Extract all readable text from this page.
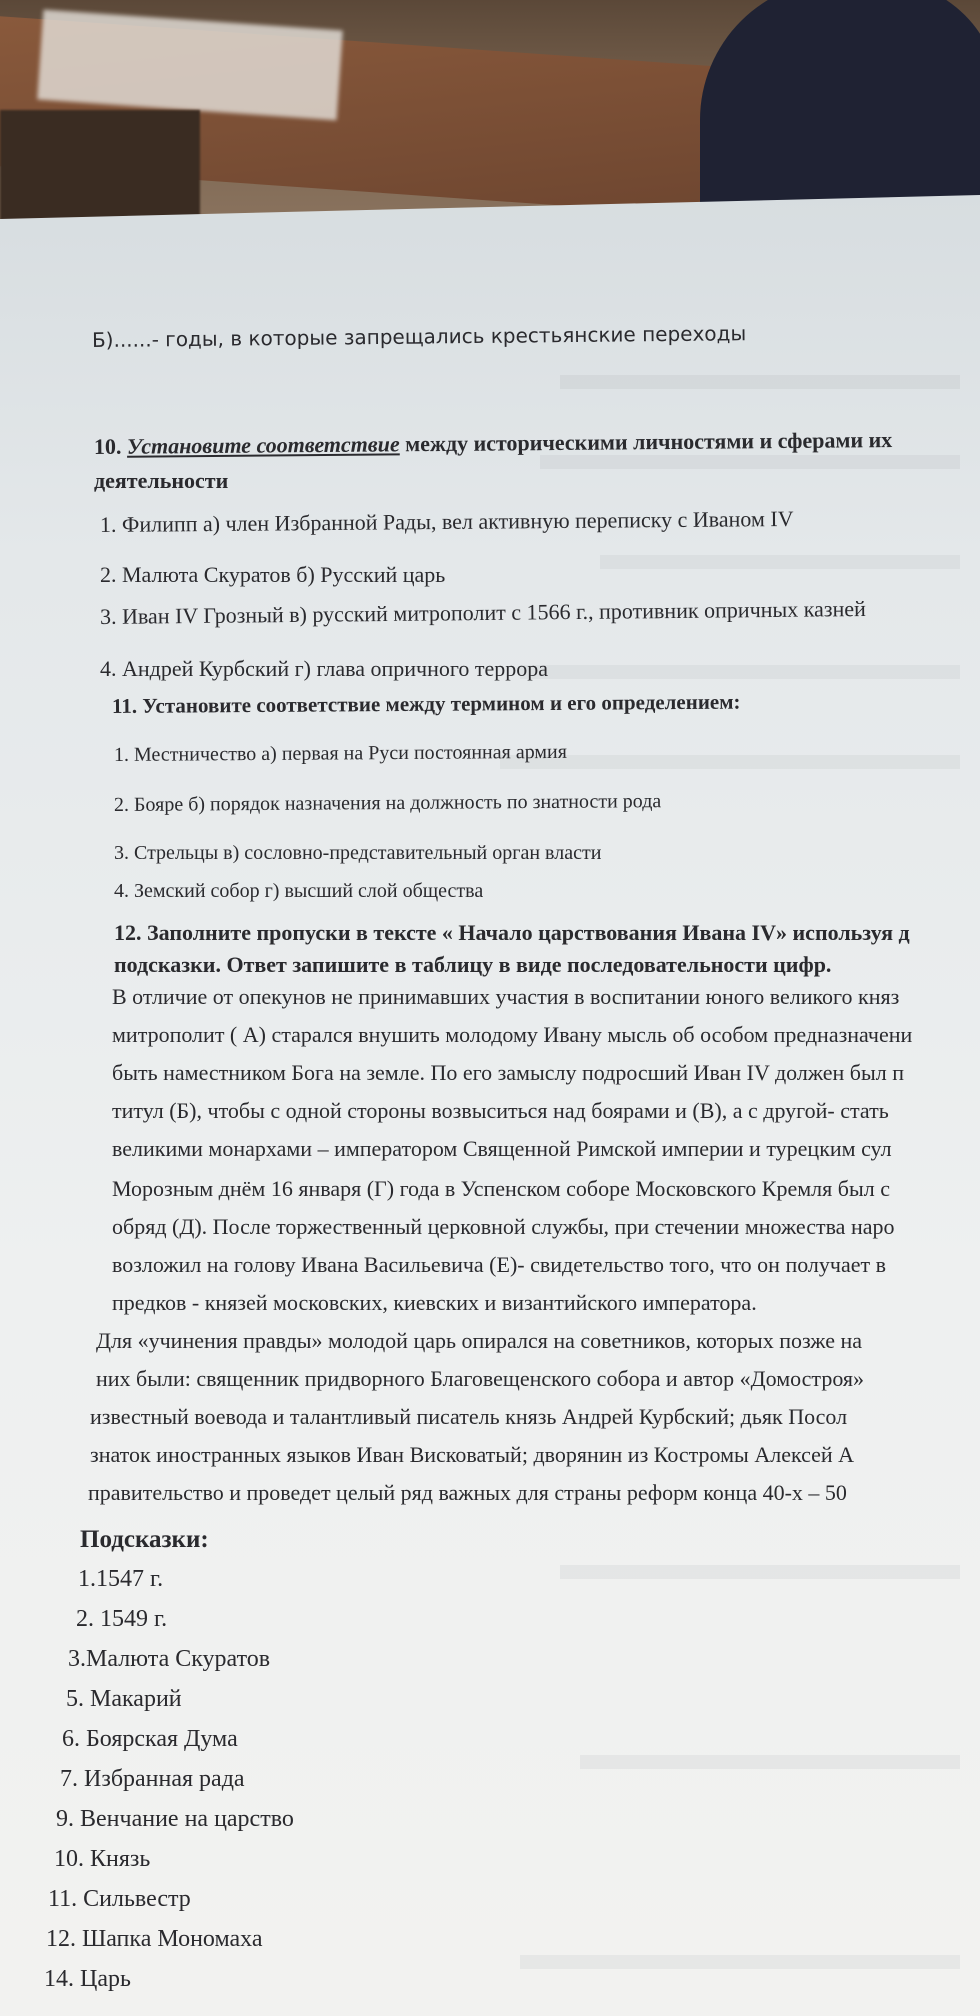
Б)......- годы, в которые запрещались крестьянские переходы
10. Установите соответствие между историческими личностями и сферами их
деятельности
1. Филипп а) член Избранной Рады, вел активную переписку с Иваном IV
2. Малюта Скуратов б) Русский царь
3. Иван IV Грозный в) русский митрополит с 1566 г., противник опричных казней
4. Андрей Курбский г) глава опричного террора
11. Установите соответствие между термином и его определением:
1. Местничество а) первая на Руси постоянная армия
2. Бояре б) порядок назначения на должность по знатности рода
3. Стрельцы в) сословно-представительный орган власти
4. Земский собор г) высший слой общества
12. Заполните пропуски в тексте « Начало царствования Ивана IV» используя д
подсказки. Ответ запишите в таблицу в виде последовательности цифр.
В отличие от опекунов не принимавших участия в воспитании юного великого княз
митрополит ( А) старался внушить молодому Ивану мысль об особом предназначени
быть наместником Бога на земле. По его замыслу подросший Иван IV должен был п
титул (Б), чтобы с одной стороны возвыситься над боярами и (В), а с другой- стать
великими монархами – императором Священной Римской империи и турецким сул
Морозным днём 16 января (Г) года в Успенском соборе Московского Кремля был с
обряд (Д). После торжественный церковной службы, при стечении множества наро
возложил на голову Ивана Васильевича (Е)- свидетельство того, что он получает в
предков - князей московских, киевских и византийского императора.
Для «учинения правды» молодой царь опирался на советников, которых позже на
них были: священник придворного Благовещенского собора и автор «Домостроя»
известный воевода и талантливый писатель князь Андрей Курбский; дьяк Посол
знаток иностранных языков Иван Висковатый; дворянин из Костромы Алексей А
правительство и проведет целый ряд важных для страны реформ конца 40-х – 50
Подсказки:
1.1547 г.
2. 1549 г.
3.Малюта Скуратов
5. Макарий
6. Боярская Дума
7. Избранная рада
9. Венчание на царство
10. Князь
11. Сильвестр
12. Шапка Мономаха
14. Царь
